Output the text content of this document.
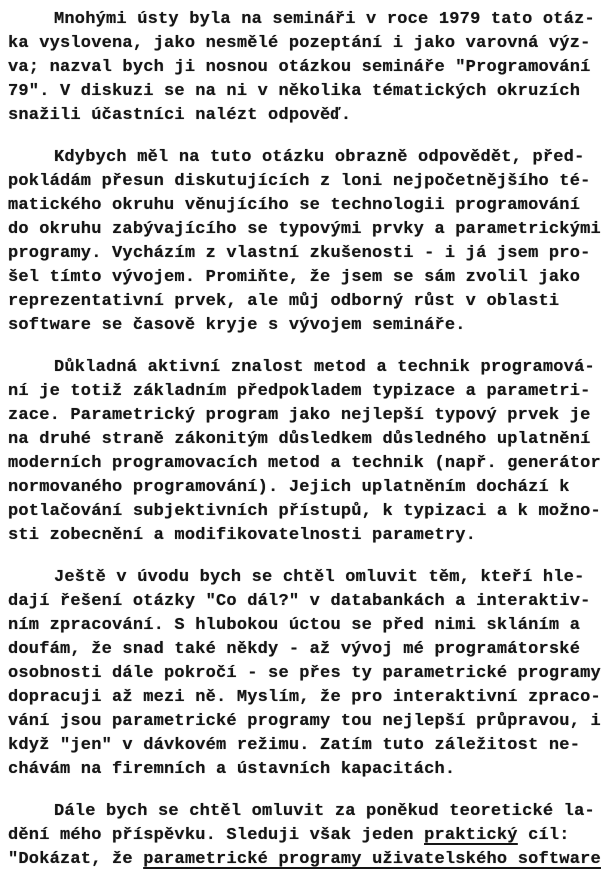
Mnohými ústy byla na semináři v roce 1979 tato otáz-
ka vyslovena, jako nesmělé pozeptání i jako varovná výz-
va; nazval bych ji nosnou otázkou semináře "Programování
79". V diskuzi se na ni v několika tématických okruzích
snažili účastníci nalézt odpověď.

Kdybych měl na tuto otázku obrazně odpovědět, před-
pokládám přesun diskutujících z loni nejpočetnějšího té-
matického okruhu věnujícího se technologii programování
do okruhu zabývajícího se typovými prvky a parametrickými
programy. Vycházím z vlastní zkušenosti - i já jsem pro-
šel tímto vývojem. Promiňte, že jsem se sám zvolil jako
reprezentativní prvek, ale můj odborný růst v oblasti
software se časově kryje s vývojem semináře.

Důkladná aktivní znalost metod a technik programová-
ní je totiž základním předpokladem typizace a parametri-
zace. Parametrický program jako nejlepší typový prvek je
na druhé straně zákonitým důsledkem důsledného uplatnění
moderních programovacích metod a technik (např. generátor
normovaného programování). Jejich uplatněním dochází k
potlačování subjektivních přístupů, k typizaci a k možno-
sti zobecnění a modifikovatelnosti parametry.

Ještě v úvodu bych se chtěl omluvit těm, kteří hle-
dají řešení otázky "Co dál?" v databankách a interaktiv-
ním zpracování. S hlubokou úctou se před nimi skláním a
doufám, že snad také někdy - až vývoj mé programátorské
osobnosti dále pokročí - se přes ty parametrické programy
dopracuji až mezi ně. Myslím, že pro interaktivní zpraco-
vání jsou parametrické programy tou nejlepší průpravou, i
když "jen" v dávkovém režimu. Zatím tuto záležitost ne-
chávám na firemních a ústavních kapacitách.

Dále bych se chtěl omluvit za poněkud teoretické la-
dění mého příspěvku. Sleduji však jeden praktický cíl:
"Dokázat, že parametrické programy uživatelského software
